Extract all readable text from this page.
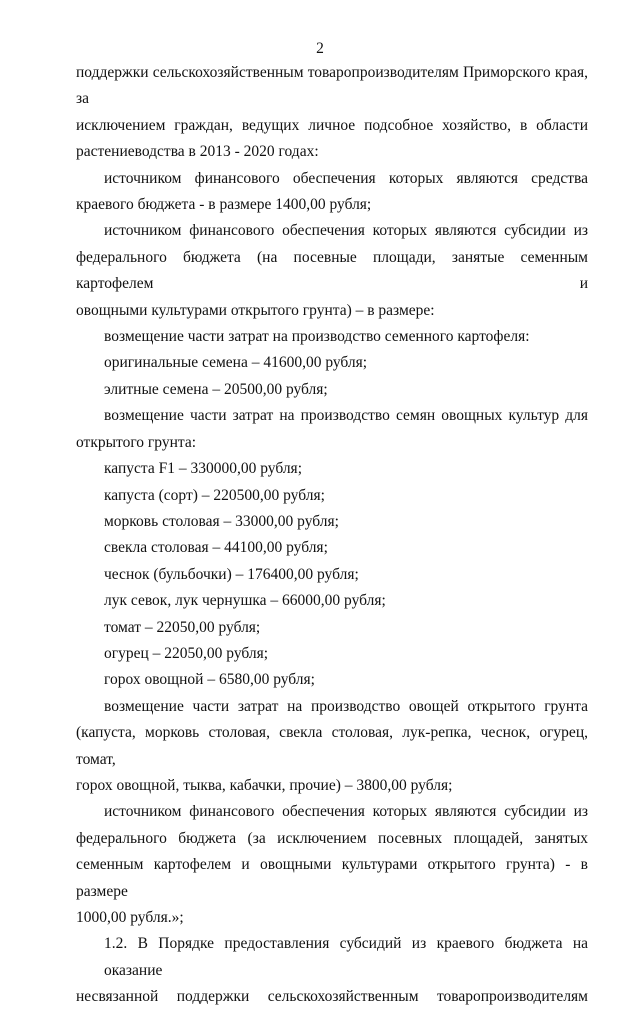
2

поддержки сельскохозяйственным товаропроизводителям Приморского края, за

исключением граждан, ведущих личное подсобное хозяйство, в области

растениеводства в 2013 - 2020 годах:

источником финансового обеспечения которых являются средства

краевого бюджета - в размере 1400,00 рубля;

источником финансового обеспечения которых являются субсидии из

федерального бюджета (на посевные площади, занятые семенным картофелем и

овощными культурами открытого грунта) – в размере:

возмещение части затрат на производство семенного картофеля:

оригинальные семена – 41600,00 рубля;

элитные семена – 20500,00 рубля;

возмещение части затрат на производство семян овощных культур для

открытого грунта:

капуста F1 – 330000,00 рубля;

капуста (сорт) – 220500,00 рубля;

морковь столовая – 33000,00 рубля;

свекла столовая – 44100,00 рубля;

чеснок (бульбочки) – 176400,00 рубля;

лук севок, лук чернушка – 66000,00 рубля;

томат – 22050,00 рубля;

огурец – 22050,00 рубля;

горох овощной – 6580,00 рубля;

возмещение части затрат на производство овощей открытого грунта

(капуста, морковь столовая, свекла столовая, лук-репка, чеснок, огурец, томат,

горох овощной, тыква, кабачки, прочие) – 3800,00 рубля;

источником финансового обеспечения которых являются субсидии из

федерального бюджета (за исключением посевных площадей, занятых

семенным картофелем и овощными культурами открытого грунта) - в размере

1000,00 рубля.»;

1.2. В Порядке предоставления субсидий из краевого бюджета на оказание

несвязанной поддержки сельскохозяйственным товаропроизводителям
